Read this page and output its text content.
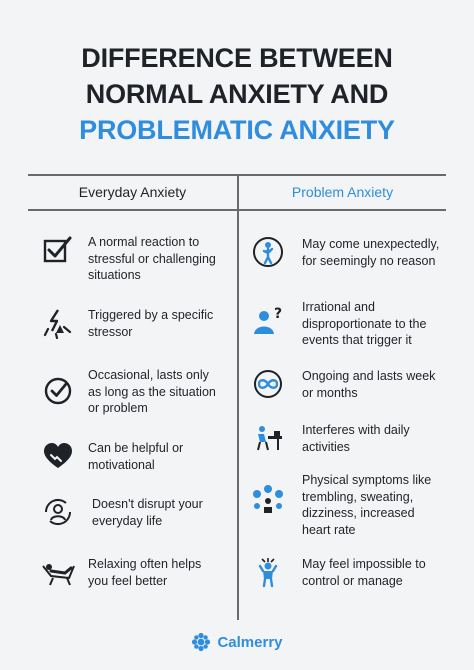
DIFFERENCE BETWEEN
NORMAL ANXIETY AND
PROBLEMATIC ANXIETY
Everyday Anxiety	Problem Anxiety
A normal reaction to stressful or challenging situations
Triggered by a specific stressor
Occasional, lasts only as long as the situation or problem
Can be helpful or motivational
Doesn't disrupt your everyday life
Relaxing often helps you feel better
May come unexpectedly, for seemingly no reason
? Irrational and disproportionate to the events that trigger it
Ongoing and lasts week or months
Interferes with daily activities
Physical symptoms like trembling, sweating, dizziness, increased heart rate
May feel impossible to control or manage
Calmerry
